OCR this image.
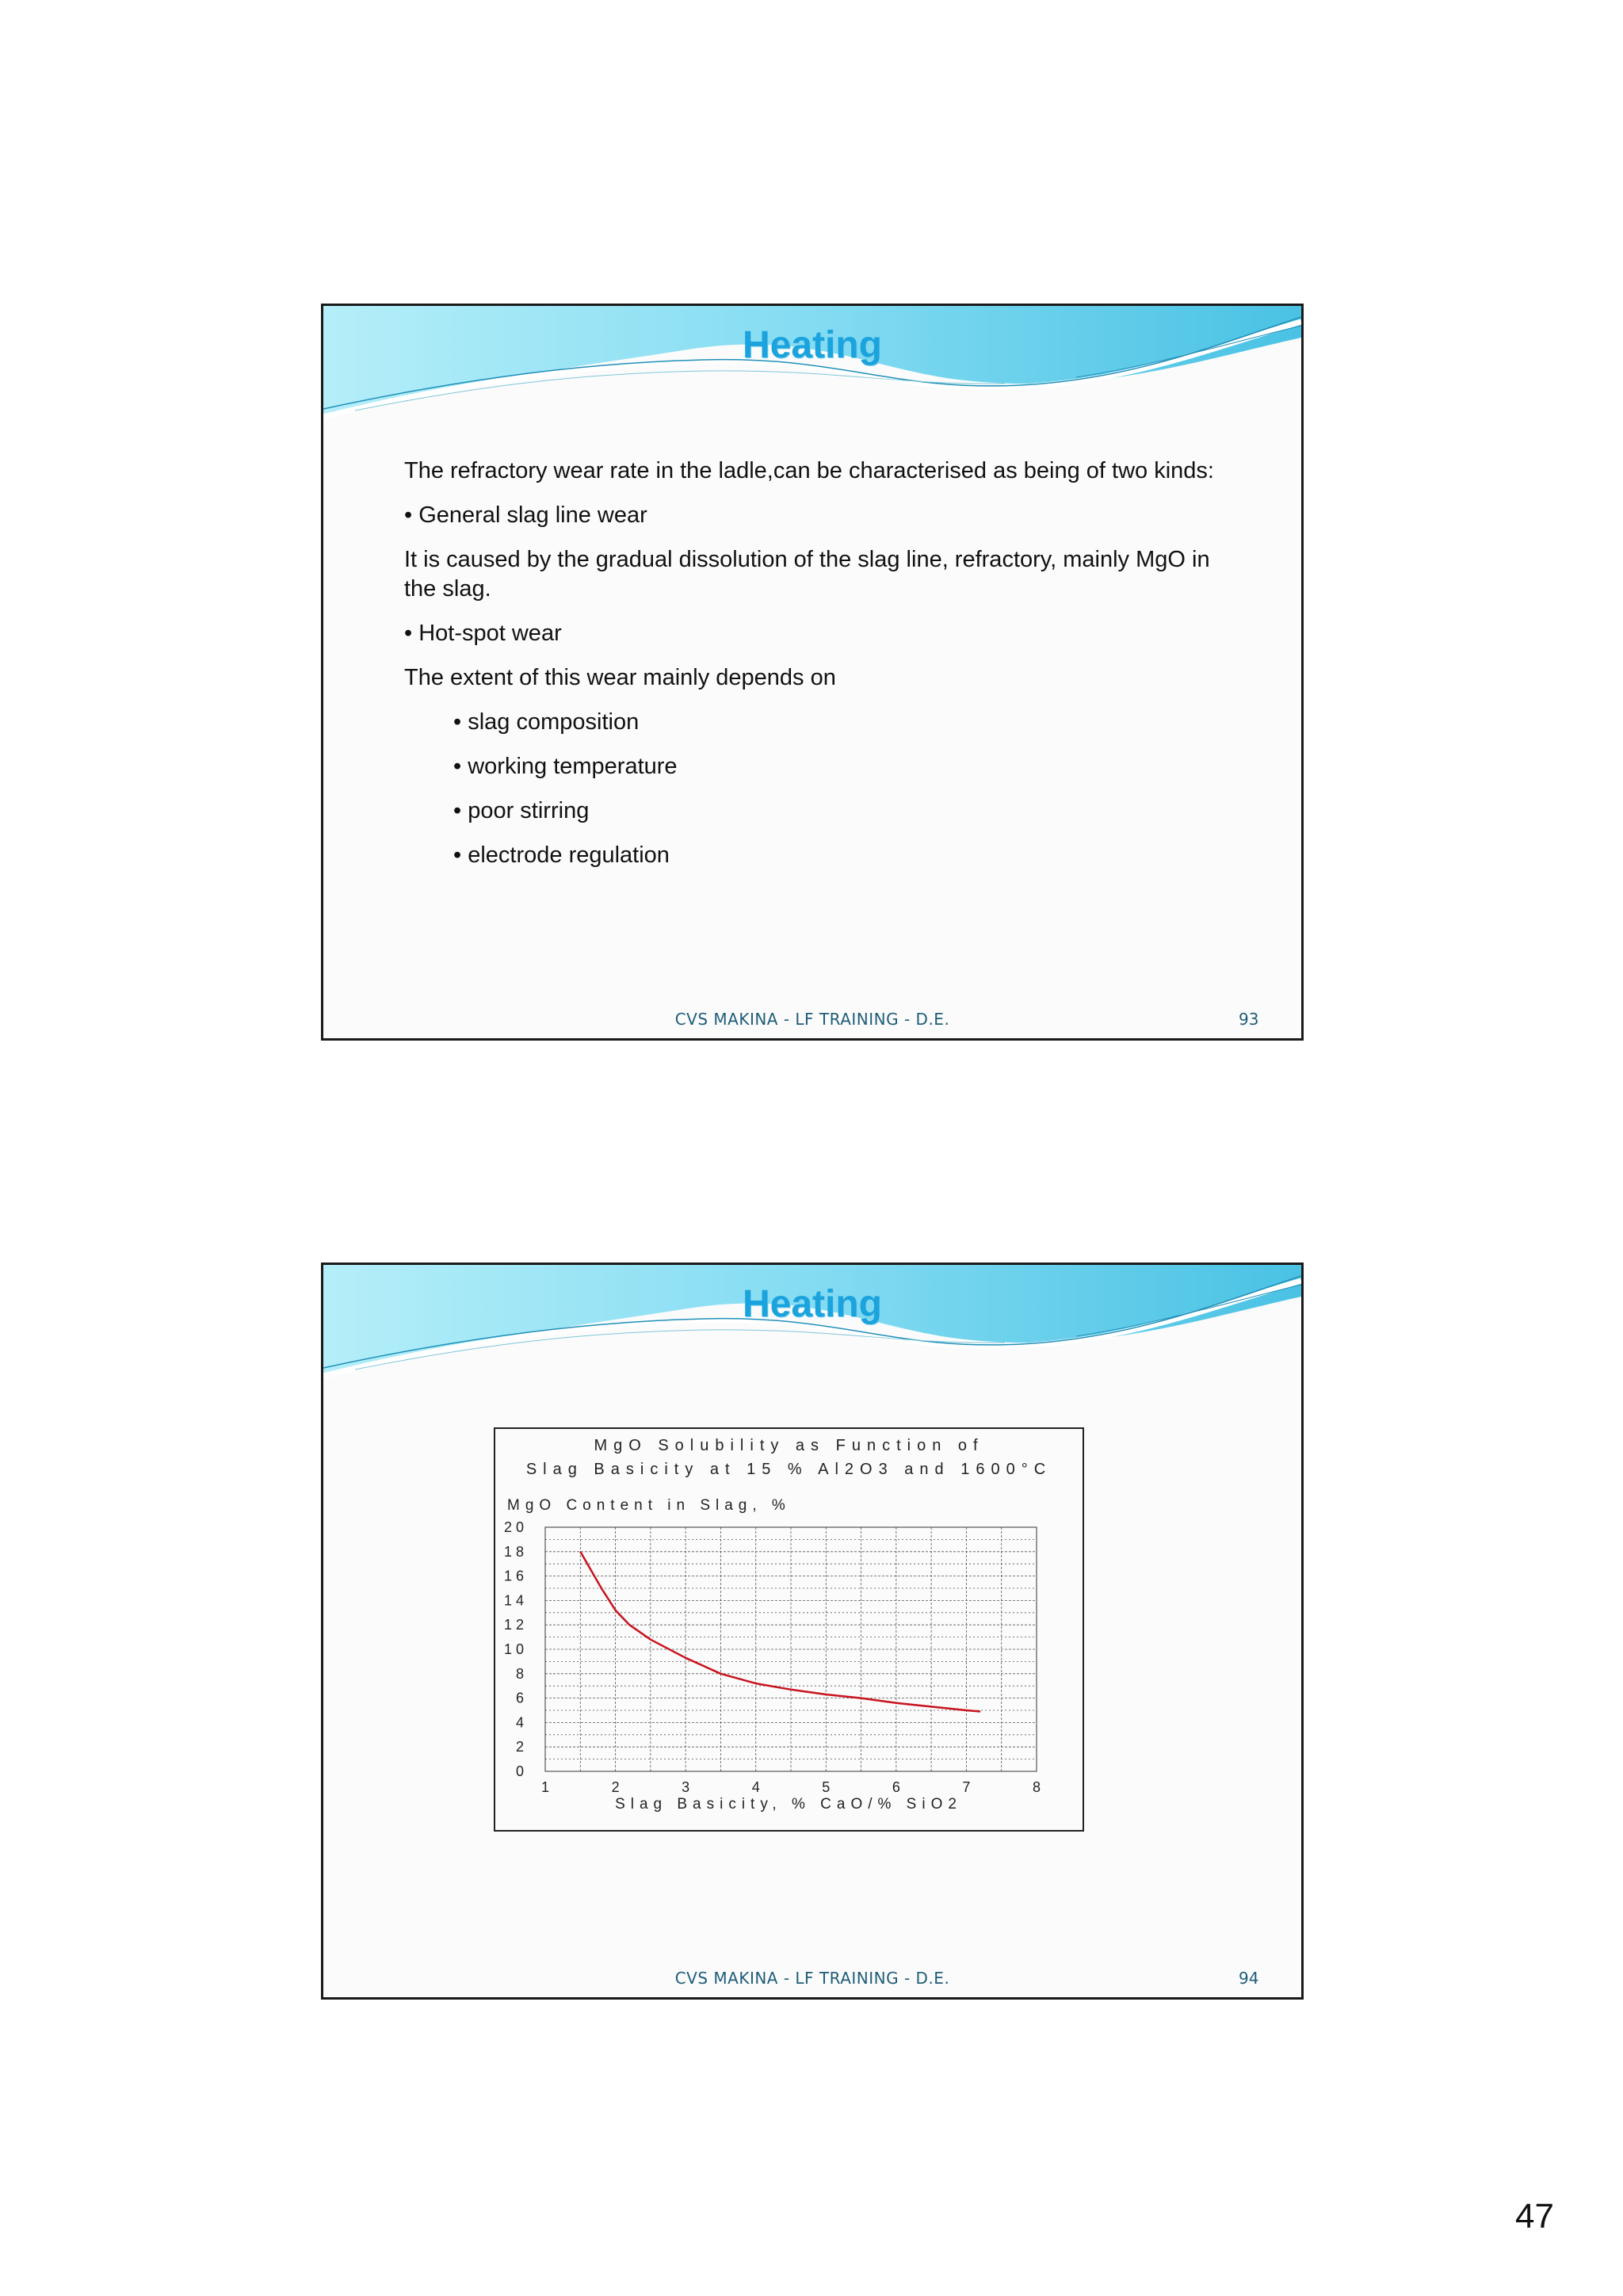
Heating

The refractory wear rate in the ladle,can be characterised as being of two kinds:

• General slag line wear

It is caused by the gradual dissolution of the slag line, refractory, mainly MgO in the slag.

• Hot-spot wear

The extent of this wear mainly depends on

• slag composition

• working temperature

• poor stirring

• electrode regulation

CVS MAKINA - LF TRAINING - D.E.	93
Heating
MgO Solubility as Function of
Slag Basicity at 15 % Al2O3 and 1600°C
MgO Content in Slag, %
0
2
4
6
8
10
12
14
16
18
20
1	2	3	4	5	6	7	8
Slag Basicity, % CaO/% SiO2
CVS MAKINA - LF TRAINING - D.E.	94
47
